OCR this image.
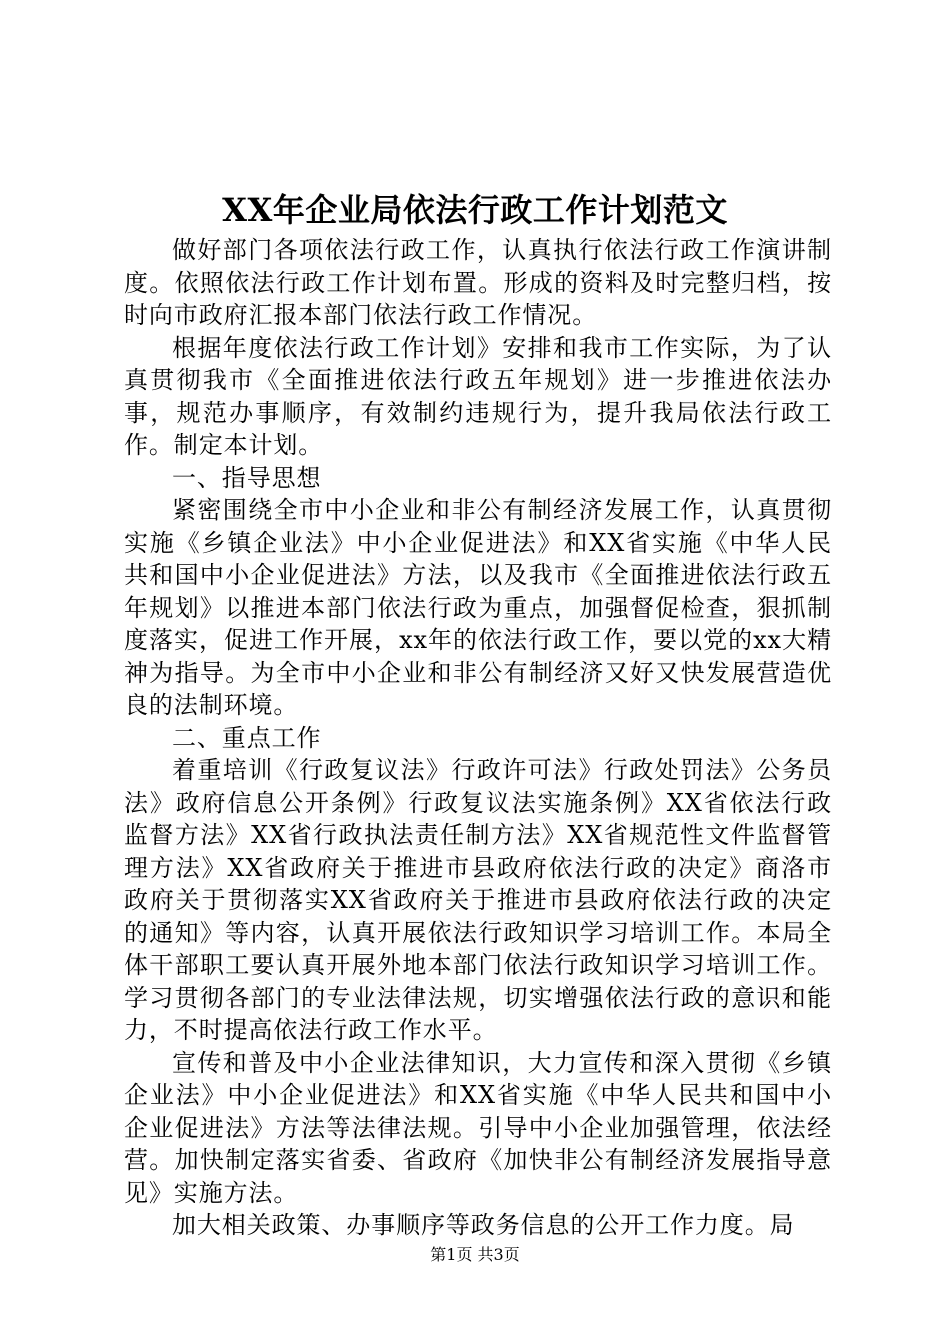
XX年企业局依法行政工作计划范文

做好部门各项依法行政工作，认真执行依法行政工作演讲制度。依照依法行政工作计划布置。形成的资料及时完整归档，按时向市政府汇报本部门依法行政工作情况。

根据年度依法行政工作计划》安排和我市工作实际，为了认真贯彻我市《全面推进依法行政五年规划》进一步推进依法办事，规范办事顺序，有效制约违规行为，提升我局依法行政工作。制定本计划。

一、指导思想

紧密围绕全市中小企业和非公有制经济发展工作，认真贯彻实施《乡镇企业法》中小企业促进法》和XX省实施《中华人民共和国中小企业促进法》方法，以及我市《全面推进依法行政五年规划》以推进本部门依法行政为重点，加强督促检查，狠抓制度落实，促进工作开展，xx年的依法行政工作，要以党的xx大精神为指导。为全市中小企业和非公有制经济又好又快发展营造优良的法制环境。

二、重点工作

着重培训《行政复议法》行政许可法》行政处罚法》公务员法》政府信息公开条例》行政复议法实施条例》XX省依法行政监督方法》XX省行政执法责任制方法》XX省规范性文件监督管理方法》XX省政府关于推进市县政府依法行政的决定》商洛市政府关于贯彻落实XX省政府关于推进市县政府依法行政的决定的通知》等内容，认真开展依法行政知识学习培训工作。本局全体干部职工要认真开展外地本部门依法行政知识学习培训工作。学习贯彻各部门的专业法律法规，切实增强依法行政的意识和能力，不时提高依法行政工作水平。

宣传和普及中小企业法律知识，大力宣传和深入贯彻《乡镇企业法》中小企业促进法》和XX省实施《中华人民共和国中小企业促进法》方法等法律法规。引导中小企业加强管理，依法经营。加快制定落实省委、省政府《加快非公有制经济发展指导意见》实施方法。

加大相关政策、办事顺序等政务信息的公开工作力度。局

第1页 共3页
